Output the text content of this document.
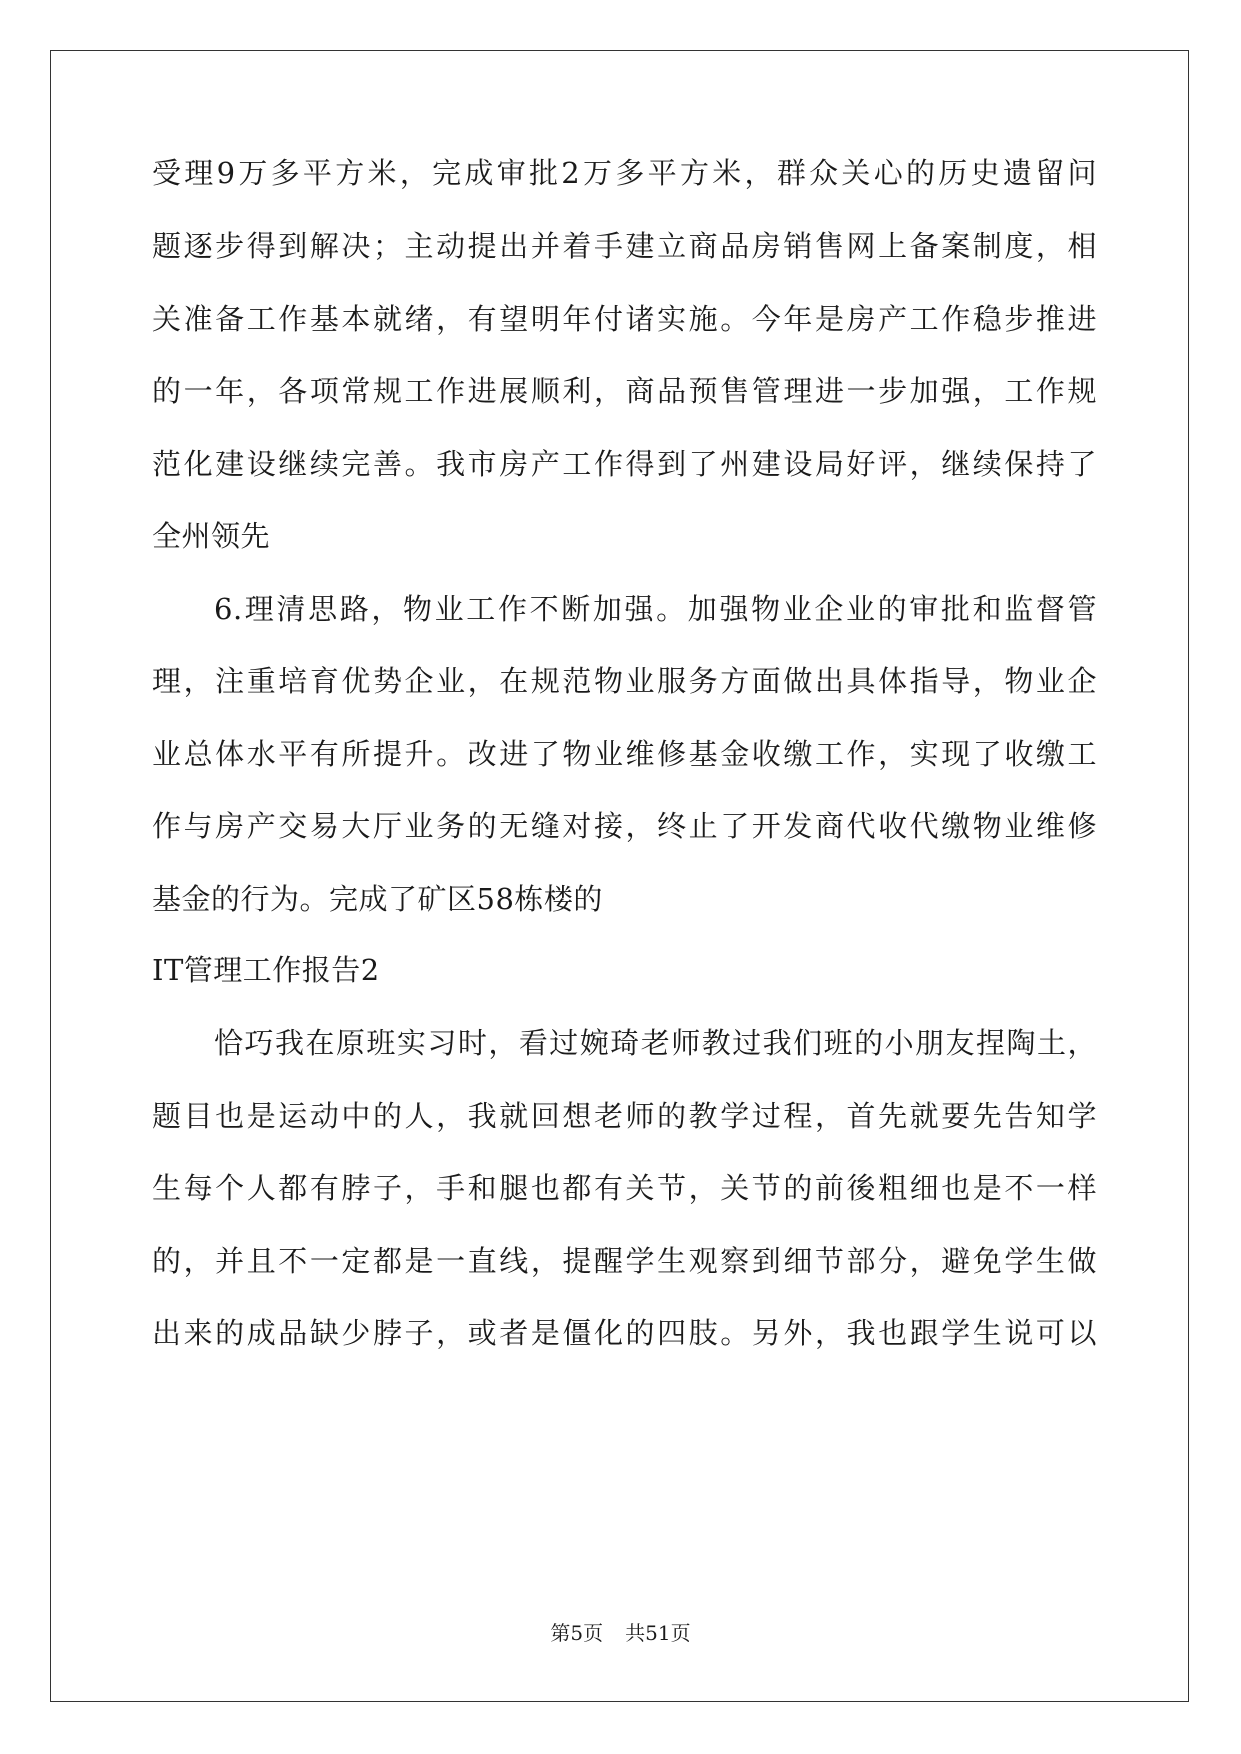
受理9万多平方米，完成审批2万多平方米，群众关心的历史遗留问
题逐步得到解决；主动提出并着手建立商品房销售网上备案制度，相
关准备工作基本就绪，有望明年付诸实施。今年是房产工作稳步推进
的一年，各项常规工作进展顺利，商品预售管理进一步加强，工作规
范化建设继续完善。我市房产工作得到了州建设局好评，继续保持了
全州领先
6.理清思路，物业工作不断加强。加强物业企业的审批和监督管
理，注重培育优势企业，在规范物业服务方面做出具体指导，物业企
业总体水平有所提升。改进了物业维修基金收缴工作，实现了收缴工
作与房产交易大厅业务的无缝对接，终止了开发商代收代缴物业维修
基金的行为。完成了矿区58栋楼的
IT管理工作报告2
恰巧我在原班实习时，看过婉琦老师教过我们班的小朋友捏陶土，
题目也是运动中的人，我就回想老师的教学过程，首先就要先告知学
生每个人都有脖子，手和腿也都有关节，关节的前後粗细也是不一样
的，并且不一定都是一直线，提醒学生观察到细节部分，避免学生做
出来的成品缺少脖子，或者是僵化的四肢。另外，我也跟学生说可以
第5页 共51页
